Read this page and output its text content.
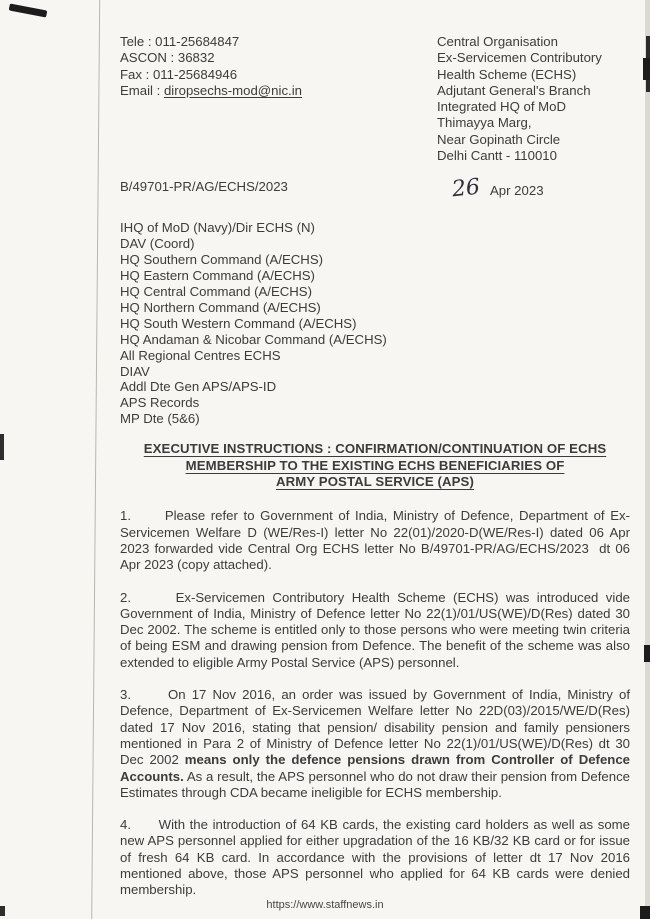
Tele : 011-25684847
ASCON : 36832
Fax : 011-25684946
Email : diropsechs-mod@nic.in
Central Organisation
Ex-Servicemen Contributory
Health Scheme (ECHS)
Adjutant General's Branch
Integrated HQ of MoD
Thimayya Marg,
Near Gopinath Circle
Delhi Cantt - 110010
B/49701-PR/AG/ECHS/2023	26 Apr 2023
IHQ of MoD (Navy)/Dir ECHS (N)
DAV (Coord)
HQ Southern Command (A/ECHS)
HQ Eastern Command (A/ECHS)
HQ Central Command (A/ECHS)
HQ Northern Command (A/ECHS)
HQ South Western Command (A/ECHS)
HQ Andaman & Nicobar Command (A/ECHS)
All Regional Centres ECHS
DIAV
Addl Dte Gen APS/APS-ID
APS Records
MP Dte (5&6)
EXECUTIVE INSTRUCTIONS : CONFIRMATION/CONTINUATION OF ECHS
MEMBERSHIP TO THE EXISTING ECHS BENEFICIARIES OF
ARMY POSTAL SERVICE (APS)

1.      Please refer to Government of India, Ministry of Defence, Department of Ex-Servicemen Welfare D (WE/Res-I) letter No 22(01)/2020-D(WE/Res-I) dated 06 Apr 2023 forwarded vide Central Org ECHS letter No B/49701-PR/AG/ECHS/2023  dt 06 Apr 2023 (copy attached).

2.      Ex-Servicemen Contributory Health Scheme (ECHS) was introduced vide Government of India, Ministry of Defence letter No 22(1)/01/US(WE)/D(Res) dated 30 Dec 2002. The scheme is entitled only to those persons who were meeting twin criteria of being ESM and drawing pension from Defence. The benefit of the scheme was also extended to eligible Army Postal Service (APS) personnel.

3.      On 17 Nov 2016, an order was issued by Government of India, Ministry of Defence, Department of Ex-Servicemen Welfare letter No 22D(03)/2015/WE/D(Res) dated 17 Nov 2016, stating that pension/ disability pension and family pensioners mentioned in Para 2 of Ministry of Defence letter No 22(1)/01/US(WE)/D(Res) dt 30 Dec 2002 means only the defence pensions drawn from Controller of Defence Accounts. As a result, the APS personnel who do not draw their pension from Defence Estimates through CDA became ineligible for ECHS membership.

4.      With the introduction of 64 KB cards, the existing card holders as well as some new APS personnel applied for either upgradation of the 16 KB/32 KB card or for issue of fresh 64 KB card. In accordance with the provisions of letter dt 17 Nov 2016 mentioned above, those APS personnel who applied for 64 KB cards were denied membership.

https://www.staffnews.in
